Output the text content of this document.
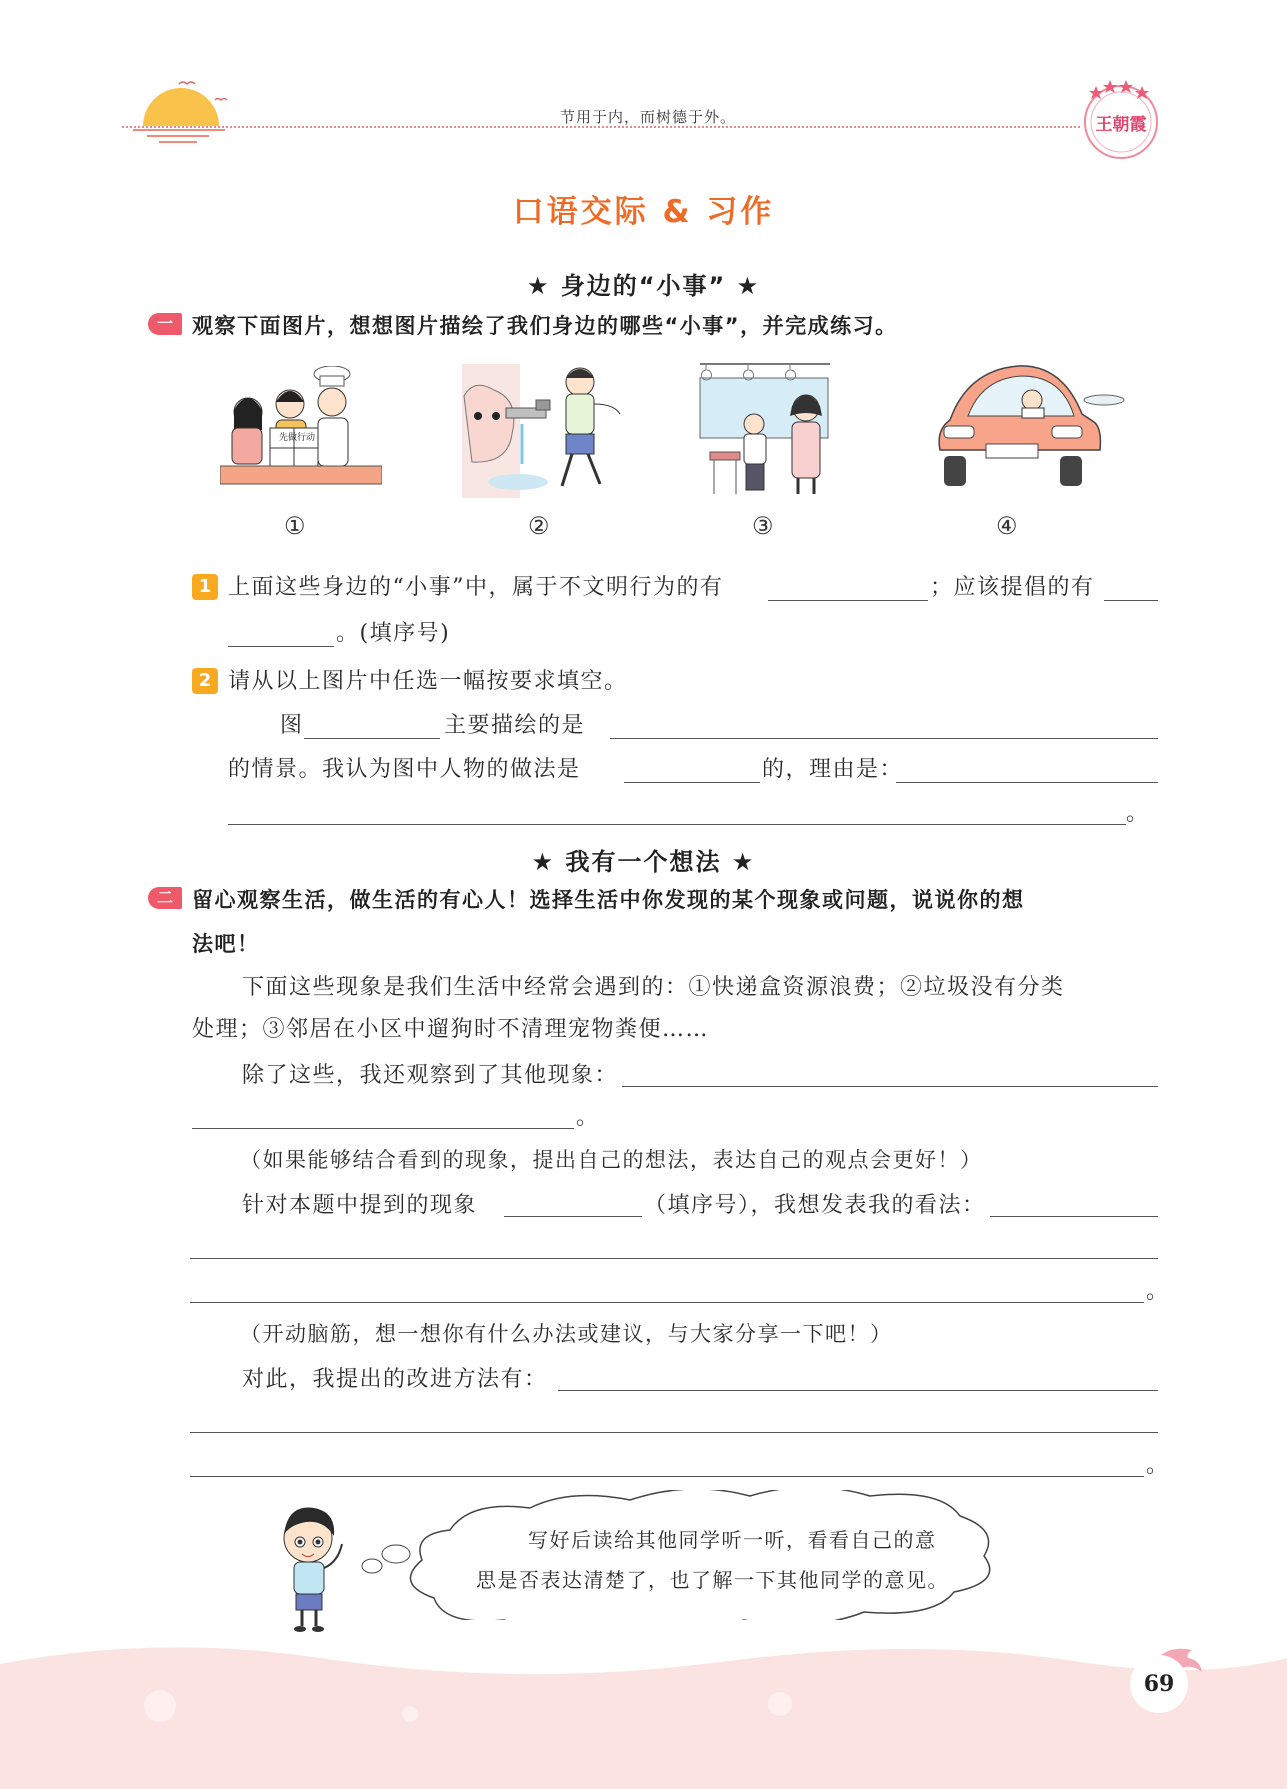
节用于内，而树德于外。	王朝霞
口语交际 & 习作
★ 身边的“小事” ★
一 观察下面图片，想想图片描绘了我们身边的哪些“小事”，并完成练习。
先做行动
①	②	③	④
1 上面这些身边的“小事”中，属于不文明行为的有	；应该提倡的有
。(填序号)
2 请从以上图片中任选一幅按要求填空。
图	主要描绘的是
的情景。我认为图中人物的做法是	的，理由是：
。
★ 我有一个想法 ★
二 留心观察生活，做生活的有心人！选择生活中你发现的某个现象或问题，说说你的想
法吧！
下面这些现象是我们生活中经常会遇到的：①快递盒资源浪费；②垃圾没有分类
处理；③邻居在小区中遛狗时不清理宠物粪便……
除了这些，我还观察到了其他现象：
。
（如果能够结合看到的现象，提出自己的想法，表达自己的观点会更好！）
针对本题中提到的现象	（填序号），我想发表我的看法：
。
（开动脑筋，想一想你有什么办法或建议，与大家分享一下吧！）
对此，我提出的改进方法有：
。
写好后读给其他同学听一听，看看自己的意
思是否表达清楚了，也了解一下其他同学的意见。
69
